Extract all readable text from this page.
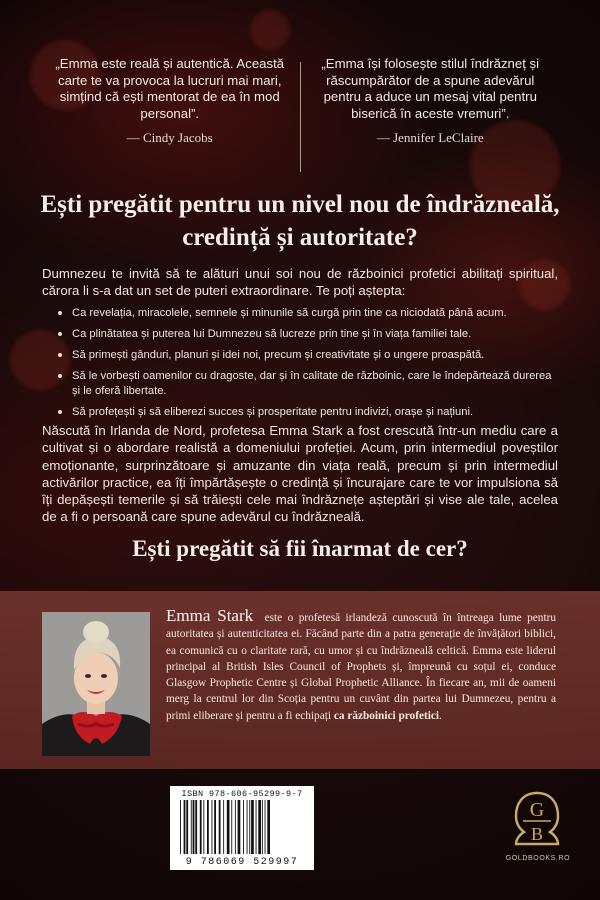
„Emma este reală și autentică. Această carte te va provoca la lucruri mai mari, simțind că ești mentorat de ea în mod personal”.
— Cindy Jacobs
„Emma își folosește stilul îndrăzneț și răscumpărător de a spune adevărul pentru a aduce un mesaj vital pentru biserică în aceste vremuri”.
— Jennifer LeClaire
Ești pregătit pentru un nivel nou de îndrăzneală, credință și autoritate?

Dumnezeu te invită să te alături unui soi nou de războinici profetici abilitați spiritual, cărora li s-a dat un set de puteri extraordinare. Te poți aștepta:

Ca revelația, miracolele, semnele și minunile să curgă prin tine ca niciodată până acum.
Ca plinătatea și puterea lui Dumnezeu să lucreze prin tine și în viața familiei tale.
Să primești gânduri, planuri și idei noi, precum și creativitate și o ungere proaspătă.
Să le vorbești oamenilor cu dragoste, dar și în calitate de războinic, care le îndepărtează durerea și le oferă libertate.
Să profețești și să eliberezi succes și prosperitate pentru indivizi, orașe și națiuni.

Născută în Irlanda de Nord, profetesa Emma Stark a fost crescută într-un mediu care a cultivat și o abordare realistă a domeniului profeției. Acum, prin intermediul poveștilor emoționante, surprinzătoare și amuzante din viața reală, precum și prin intermediul activărilor practice, ea îți împărtășește o credință și încurajare care te vor impulsiona să îți depășești temerile și să trăiești cele mai îndrăznețe așteptări și vise ale tale, acelea de a fi o persoană care spune adevărul cu îndrăzneală.

Ești pregătit să fii înarmat de cer?

Emma Stark este o profetesă irlandeză cunoscută în întreaga lume pentru autoritatea și autenticitatea ei. Făcând parte din a patra generație de învățători biblici, ea comunică cu o claritate rară, cu umor și cu îndrăzneală celtică. Emma este liderul principal al British Isles Council of Prophets și, împreună cu soțul ei, conduce Glasgow Prophetic Centre și Global Prophetic Alliance. În fiecare an, mii de oameni merg la centrul lor din Scoția pentru un cuvânt din partea lui Dumnezeu, pentru a primi eliberare și pentru a fi echipați ca războinici profetici.

ISBN 978-606-95299-9-7
9 786069 529997
G
B
GOLDBOOKS.RO
